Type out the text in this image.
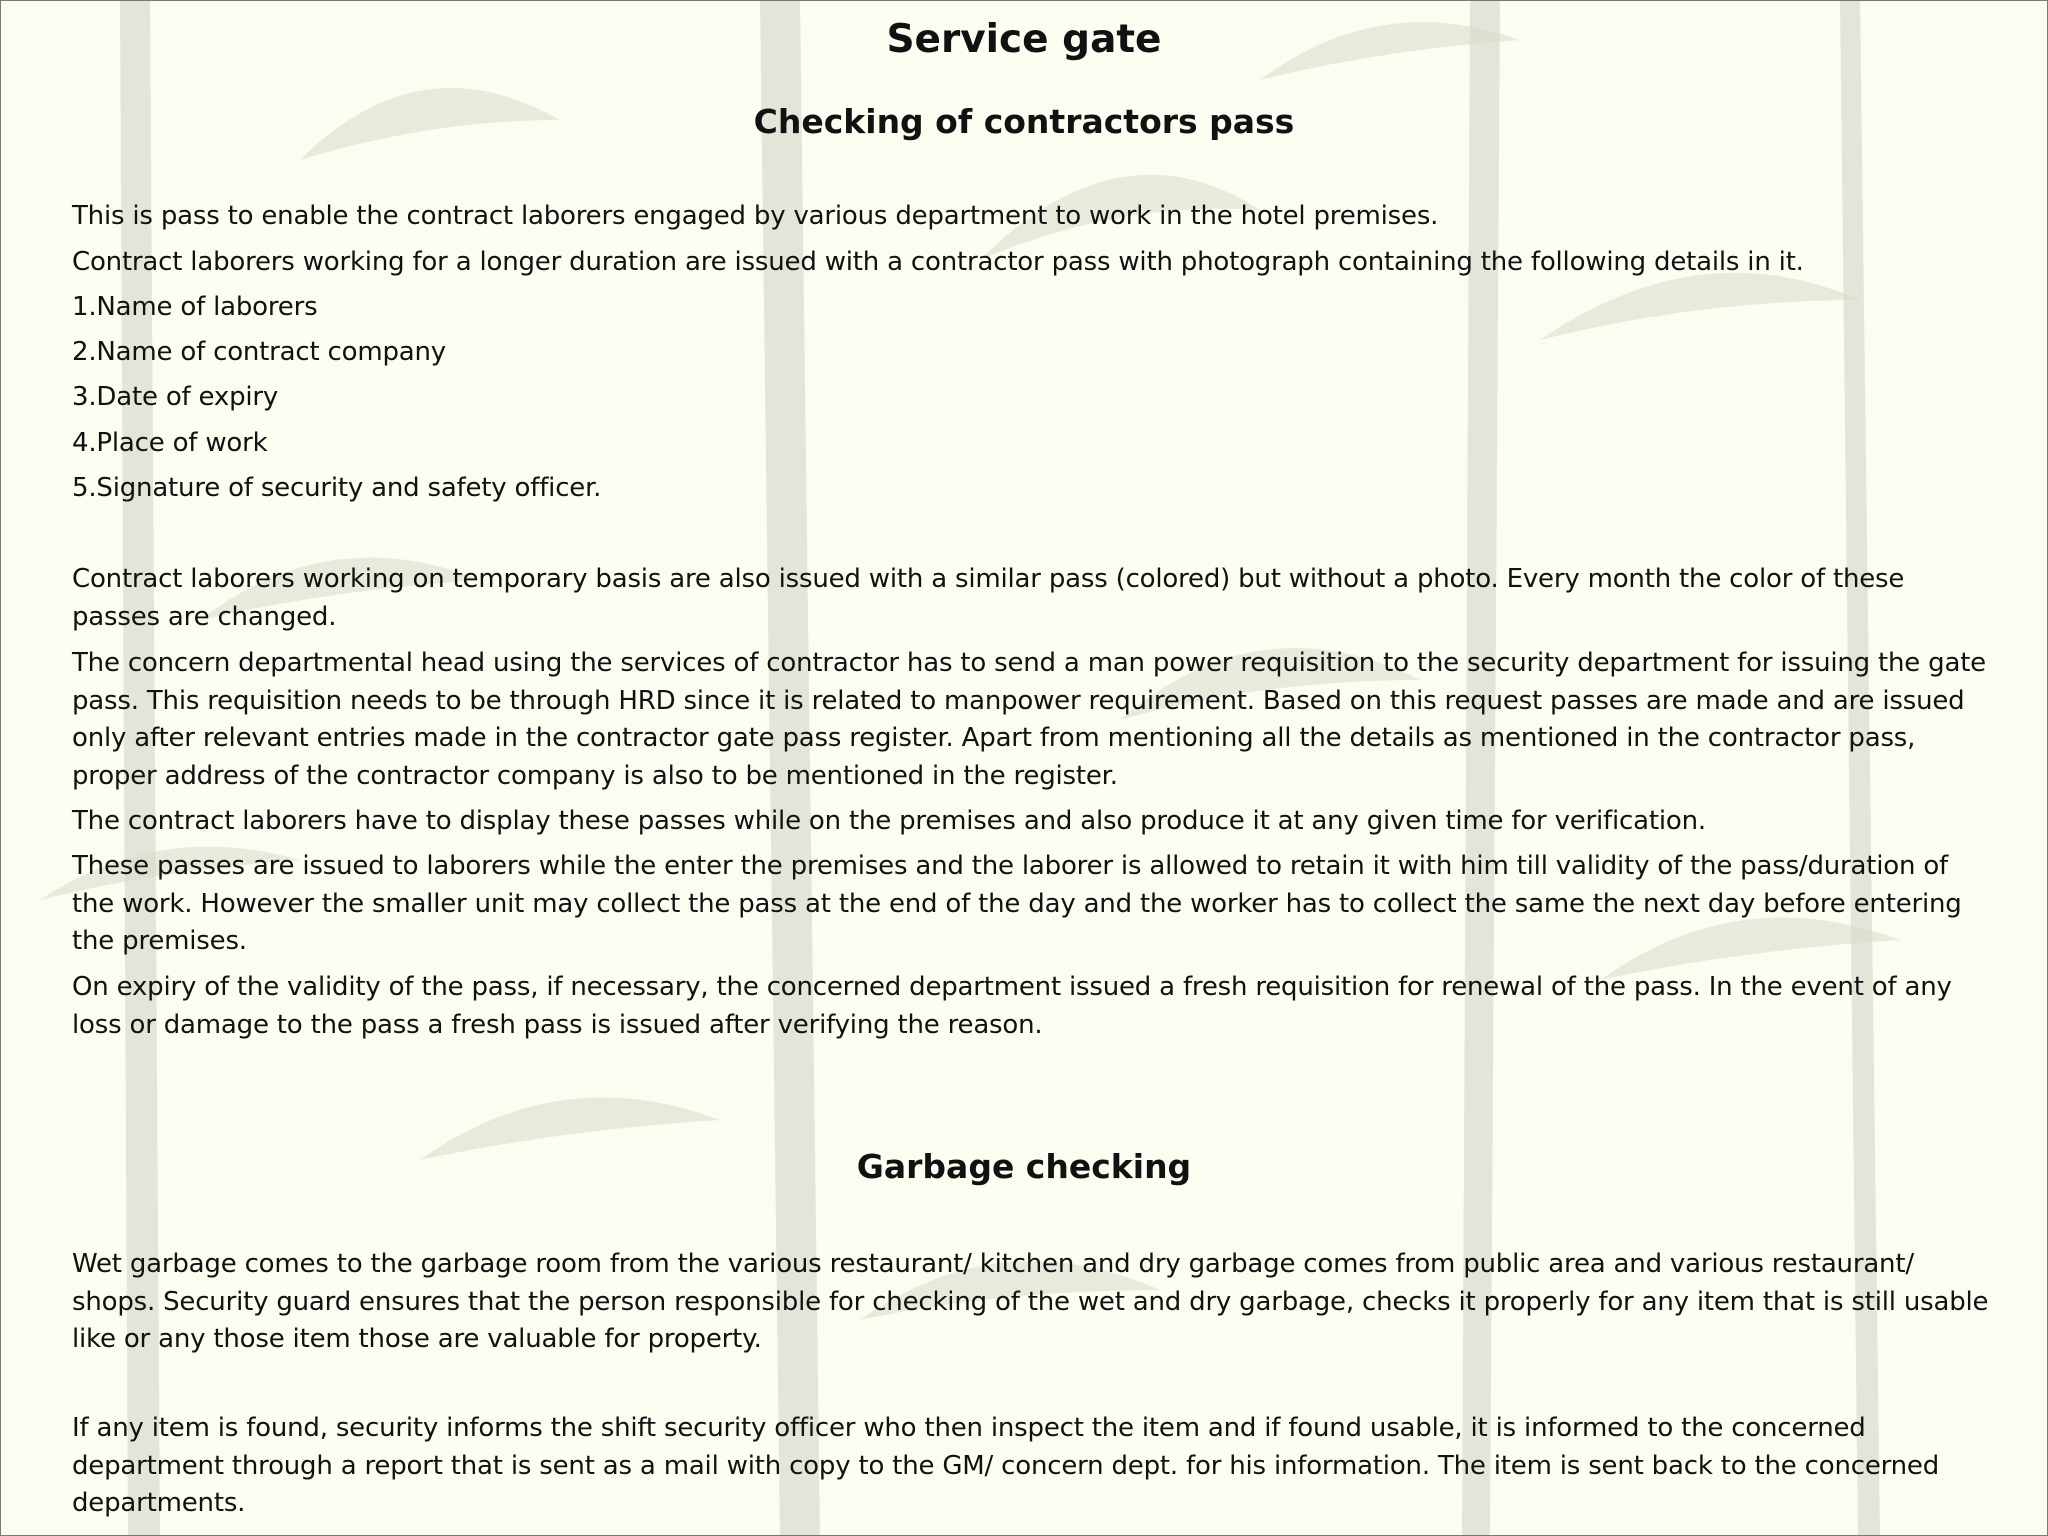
Service gate
Checking of contractors pass

This is pass to enable the contract laborers engaged by various department to work in the hotel premises.

Contract laborers working for a longer duration are issued with a contractor pass with photograph containing the following details in it.

1.Name of laborers

2.Name of contract company

3.Date of expiry

4.Place of work

5.Signature of security and safety officer.

Contract laborers working on temporary basis are also issued with a similar pass (colored) but without a photo. Every month the color of these passes are changed.

The concern departmental head using the services of contractor has to send a man power requisition to the security department for issuing the gate pass. This requisition needs to be through HRD since it is related to manpower requirement. Based on this request passes are made and are issued only after relevant entries made in the contractor gate pass register. Apart from mentioning all the details as mentioned in the contractor pass, proper address of the contractor company is also to be mentioned in the register.

The contract laborers have to display these passes while on the premises and also produce it at any given time for verification.

These passes are issued to laborers while the enter the premises and the laborer is allowed to retain it with him till validity of the pass/duration of the work. However the smaller unit may collect the pass at the end of the day and the worker has to collect the same the next day before entering the premises.

On expiry of the validity of the pass, if necessary, the concerned department issued a fresh requisition for renewal of the pass. In the event of any loss or damage to the pass a fresh pass is issued after verifying the reason.

Garbage checking

Wet garbage comes to the garbage room from the various restaurant/ kitchen and dry garbage comes from public area and various restaurant/ shops. Security guard ensures that the person responsible for checking of the wet and dry garbage, checks it properly for any item that is still usable like or any those item those are valuable for property.

If any item is found, security informs the shift security officer who then inspect the item and if found usable, it is informed to the concerned department through a report that is sent as a mail with copy to the GM/ concern dept. for his information. The item is sent back to the concerned departments.
